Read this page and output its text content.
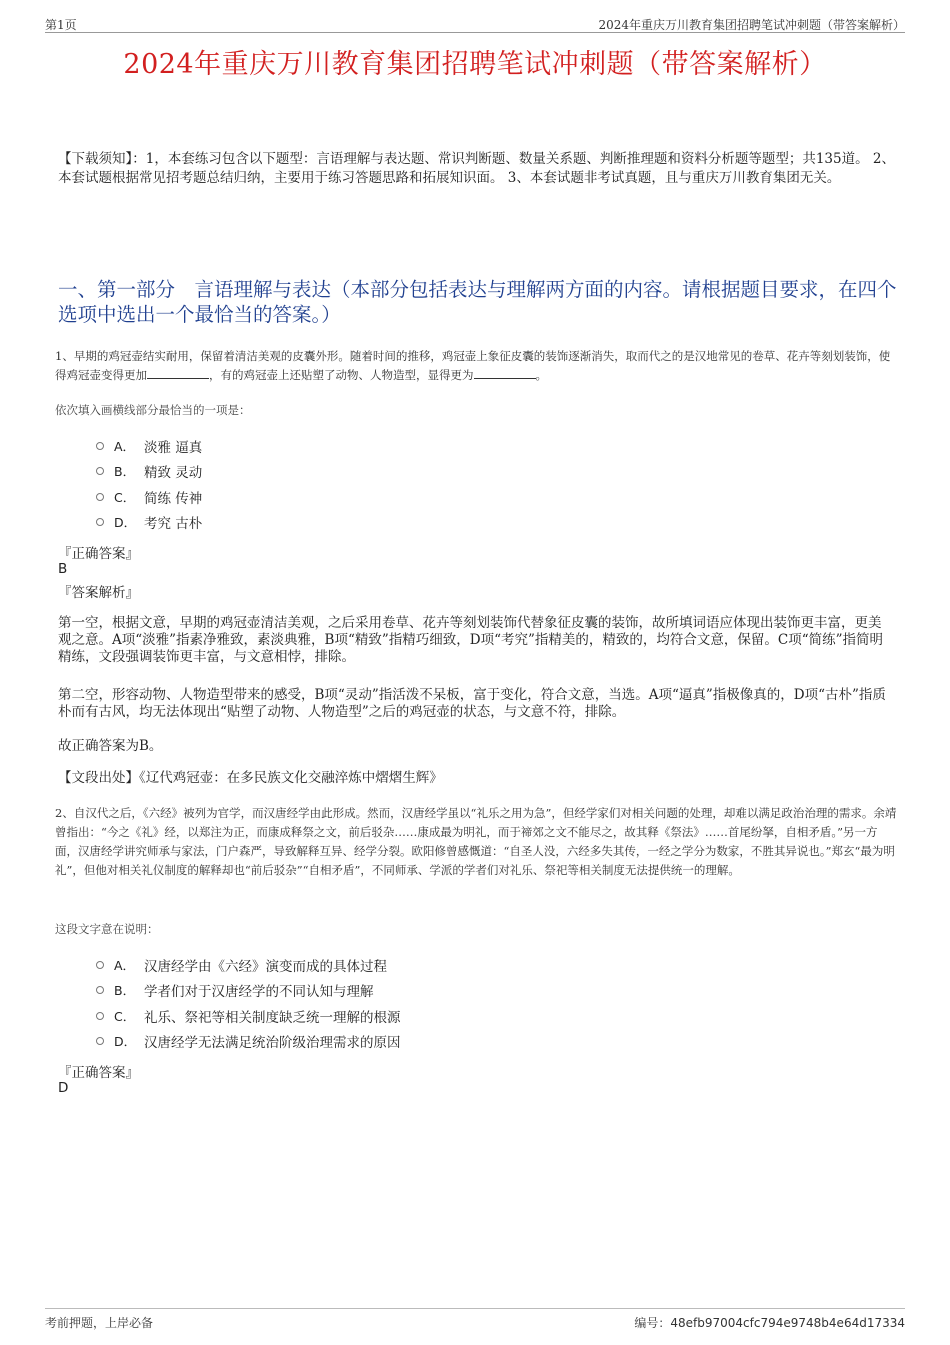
第1页	2024年重庆万川教育集团招聘笔试冲刺题（带答案解析）
2024年重庆万川教育集团招聘笔试冲刺题（带答案解析）
【下载须知】：1，本套练习包含以下题型：言语理解与表达题、常识判断题、数量关系题、判断推理题和资料分析题等题型；共135道。 2、本套试题根据常见招考题总结归纳，主要用于练习答题思路和拓展知识面。 3、本套试题非考试真题，且与重庆万川教育集团无关。
一、第一部分　言语理解与表达（本部分包括表达与理解两方面的内容。请根据题目要求，在四个选项中选出一个最恰当的答案。）
1、早期的鸡冠壶结实耐用，保留着清洁美观的皮囊外形。随着时间的推移，鸡冠壶上象征皮囊的装饰逐渐消失，取而代之的是汉地常见的卷草、花卉等刻划装饰，使得鸡冠壶变得更加	，有的鸡冠壶上还贴塑了动物、人物造型，显得更为	。
依次填入画横线部分最恰当的一项是：
A． 淡雅 逼真
B． 精致 灵动
C． 简练 传神
D． 考究 古朴
『正确答案』
B
『答案解析』
第一空，根据文意，早期的鸡冠壶清洁美观，之后采用卷草、花卉等刻划装饰代替象征皮囊的装饰，故所填词语应体现出装饰更丰富，更美观之意。A项“淡雅”指素净雅致，素淡典雅，B项“精致”指精巧细致，D项“考究”指精美的，精致的，均符合文意，保留。C项“简练”指简明精练，文段强调装饰更丰富，与文意相悖，排除。
第二空，形容动物、人物造型带来的感受，B项“灵动”指活泼不呆板，富于变化，符合文意，当选。A项“逼真”指极像真的，D项“古朴”指质朴而有古风，均无法体现出“贴塑了动物、人物造型”之后的鸡冠壶的状态，与文意不符，排除。
故正确答案为B。
【文段出处】《辽代鸡冠壶：在多民族文化交融淬炼中熠熠生辉》
2、自汉代之后，《六经》被列为官学，而汉唐经学由此形成。然而，汉唐经学虽以“礼乐之用为急”，但经学家们对相关问题的处理，却难以满足政治治理的需求。余靖曾指出：“今之《礼》经，以郑注为正，而康成释祭之文，前后驳杂……康成最为明礼，而于禘郊之文不能尽之，故其释《祭法》……首尾纷拏，自相矛盾。”另一方面，汉唐经学讲究师承与家法，门户森严，导致解释互异、经学分裂。欧阳修曾感慨道：“自圣人没，六经多失其传，一经之学分为数家，不胜其异说也。”郑玄“最为明礼”，但他对相关礼仪制度的解释却也“前后驳杂”“自相矛盾”，不同师承、学派的学者们对礼乐、祭祀等相关制度无法提供统一的理解。
这段文字意在说明：
A． 汉唐经学由《六经》演变而成的具体过程
B． 学者们对于汉唐经学的不同认知与理解
C． 礼乐、祭祀等相关制度缺乏统一理解的根源
D． 汉唐经学无法满足统治阶级治理需求的原因
『正确答案』
D
考前押题，上岸必备	编号：48efb97004cfc794e9748b4e64d17334
